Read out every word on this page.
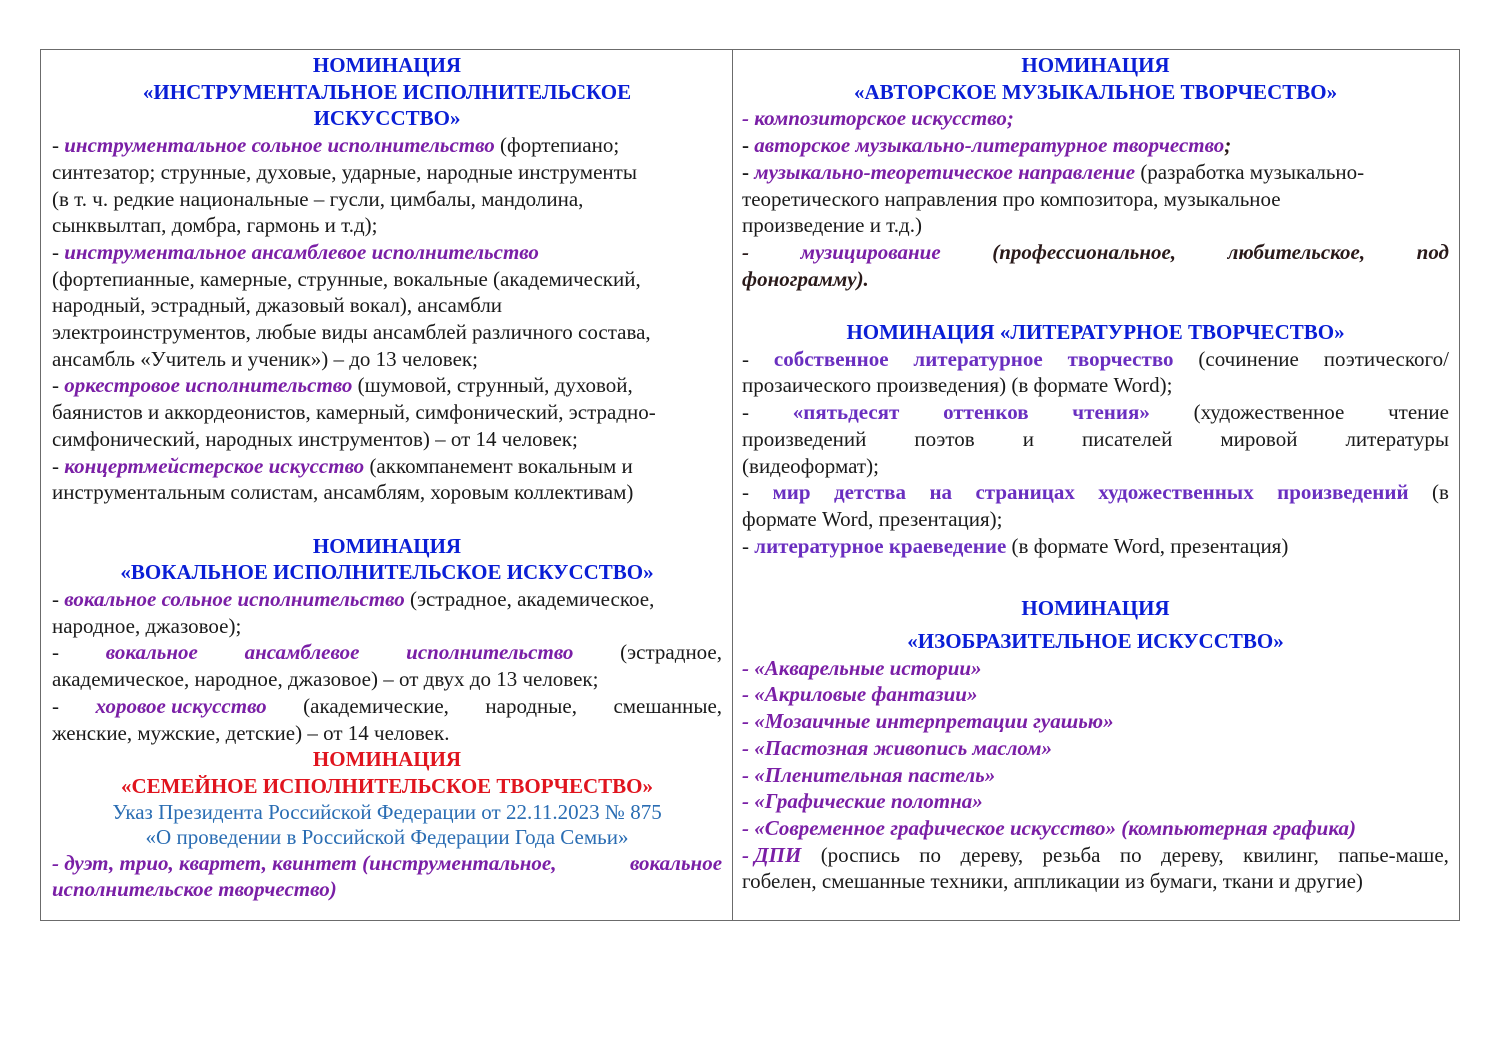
НОМИНАЦИЯ
«ИНСТРУМЕНТАЛЬНОЕ ИСПОЛНИТЕЛЬСКОЕ
ИСКУССТВО»
- инструментальное сольное исполнительство (фортепиано;
синтезатор; струнные, духовые, ударные, народные инструменты
(в т. ч. редкие национальные – гусли, цимбалы, мандолина,
сынквылтап, домбра, гармонь и т.д);
- инструментальное ансамблевое исполнительство
(фортепианные, камерные, струнные, вокальные (академический,
народный, эстрадный, джазовый вокал), ансамбли
электроинструментов, любые виды ансамблей различного состава,
ансамбль «Учитель и ученик») – до 13 человек;
- оркестровое исполнительство (шумовой, струнный, духовой,
баянистов и аккордеонистов, камерный, симфонический, эстрадно-
симфонический, народных инструментов) – от 14 человек;
- концертмейстерское искусство (аккомпанемент вокальным и
инструментальным солистам, ансамблям, хоровым коллективам)
НОМИНАЦИЯ
«ВОКАЛЬНОЕ ИСПОЛНИТЕЛЬСКОЕ ИСКУССТВО»
- вокальное сольное исполнительство (эстрадное, академическое,
народное, джазовое);
- вокальное ансамблевое исполнительство (эстрадное,
академическое, народное, джазовое) – от двух до 13 человек;
- хоровое искусство (академические, народные, смешанные,
женские, мужские, детские) – от 14 человек.
НОМИНАЦИЯ
«СЕМЕЙНОЕ ИСПОЛНИТЕЛЬСКОЕ ТВОРЧЕСТВО»
Указ Президента Российской Федерации от 22.11.2023 № 875
«О проведении в Российской Федерации Года Семьи»
- дуэт, трио, квартет, квинтет (инструментальное,	вокальное
исполнительское творчество)
НОМИНАЦИЯ
«АВТОРСКОЕ МУЗЫКАЛЬНОЕ ТВОРЧЕСТВО»
- композиторское искусство;
- авторское музыкально-литературное творчество;
- музыкально-теоретическое направление (разработка музыкально-
теоретического направления про композитора, музыкальное
произведение и т.д.)
- музицирование (профессиональное, любительское, под
фонограмму).
НОМИНАЦИЯ «ЛИТЕРАТУРНОЕ ТВОРЧЕСТВО»
- собственное литературное творчество (сочинение поэтического/
прозаического произведения) (в формате Word);
- «пятьдесят оттенков чтения» (художественное чтение
произведений поэтов и писателей мировой литературы
(видеоформат);
- мир детства на страницах художественных произведений (в
формате Word, презентация);
- литературное краеведение (в формате Word, презентация)
НОМИНАЦИЯ
«ИЗОБРАЗИТЕЛЬНОЕ ИСКУССТВО»
- «Акварельные истории»
- «Акриловые фантазии»
- «Мозаичные интерпретации гуашью»
- «Пастозная живопись маслом»
- «Пленительная пастель»
- «Графические полотна»
- «Современное графическое искусство» (компьютерная графика)
- ДПИ (роспись по дереву, резьба по дереву, квилинг, папье-маше,
гобелен, смешанные техники, аппликации из бумаги, ткани и другие)
